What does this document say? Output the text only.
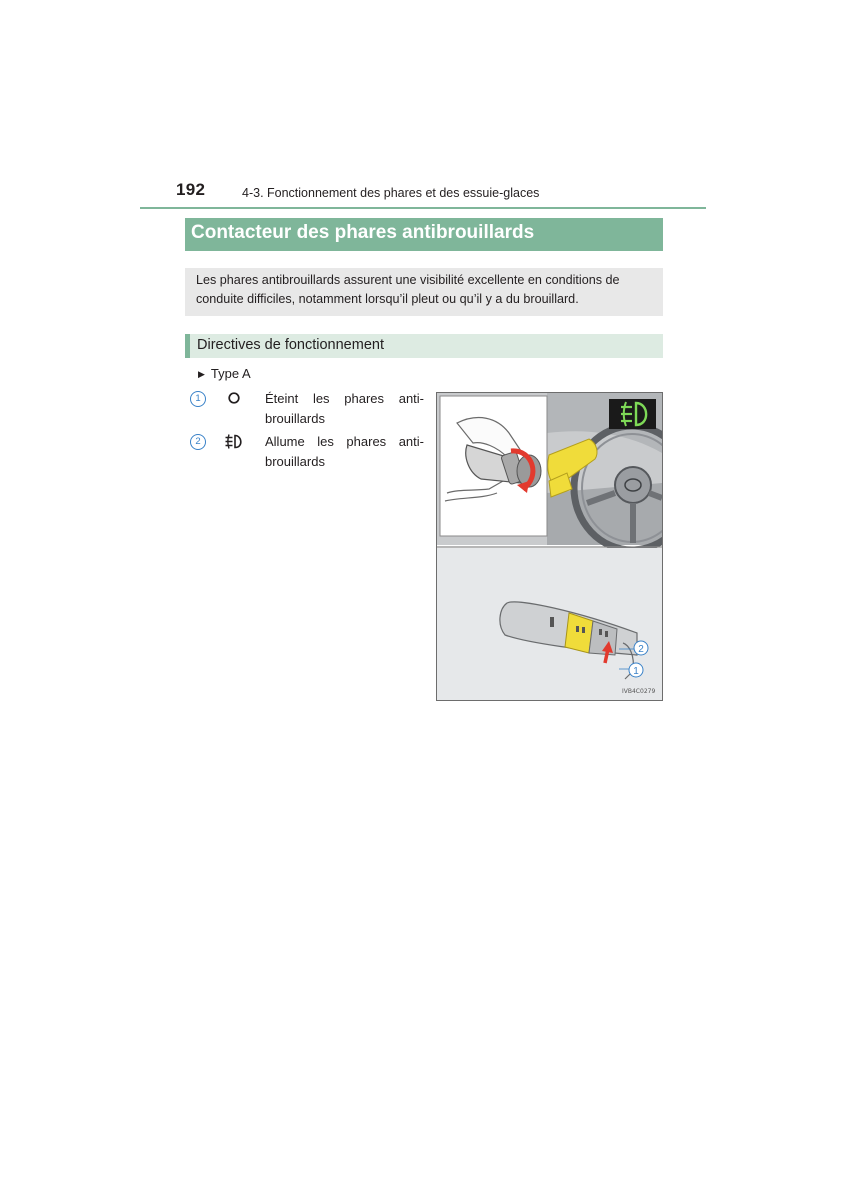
192	4-3. Fonctionnement des phares et des essuie-glaces
Contacteur des phares antibrouillards

Les phares antibrouillards assurent une visibilité excellente en conditions de

conduite difficiles, notamment lorsqu’il pleut ou qu’il y a du brouillard.

Directives de fonctionnement
▶ Type A
1	Éteint les phares anti-
brouillards
2	Allume les phares anti-
brouillards
2
1
IVB4C0279
